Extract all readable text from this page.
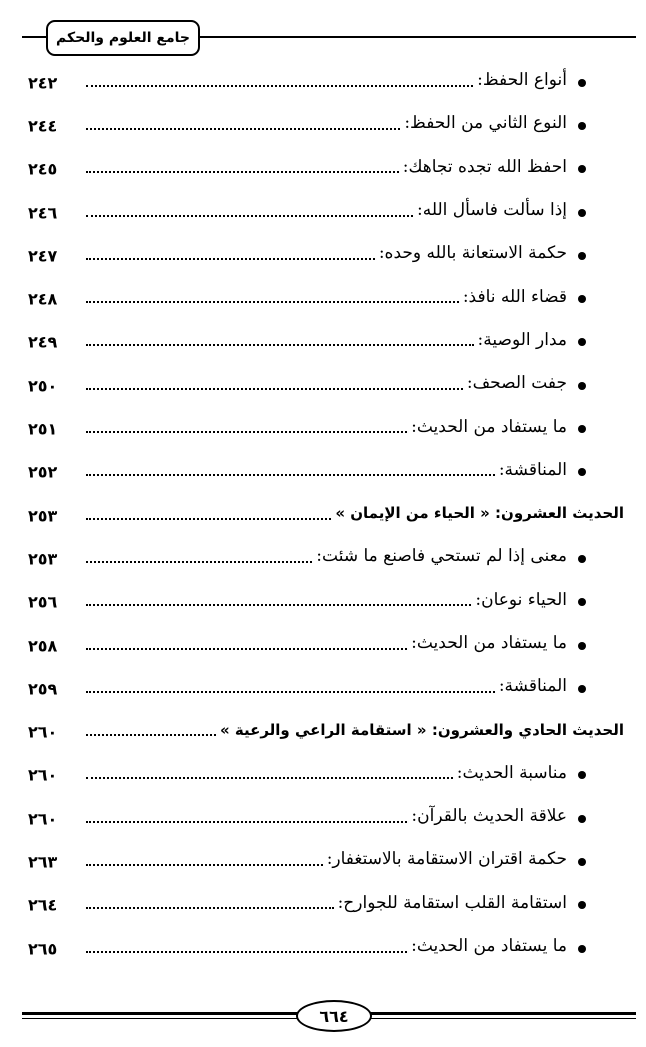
جامع العلوم والحكم
أنواع الحفظ:
٢٤٢
النوع الثاني من الحفظ:
٢٤٤
احفظ الله تجده تجاهك:
٢٤٥
إذا سألت فاسأل الله:
٢٤٦
حكمة الاستعانة بالله وحده:
٢٤٧
قضاء الله نافذ:
٢٤٨
مدار الوصية:
٢٤٩
جفت الصحف:
٢٥٠
ما يستفاد من الحديث:
٢٥١
المناقشة:
٢٥٢
الحديث العشرون: « الحياء من الإيمان »
٢٥٣
معنى إذا لم تستحي فاصنع ما شئت:
٢٥٣
الحياء نوعان:
٢٥٦
ما يستفاد من الحديث:
٢٥٨
المناقشة:
٢٥٩
الحديث الحادي والعشرون: « استقامة الراعي والرعية »
٢٦٠
مناسبة الحديث:
٢٦٠
علاقة الحديث بالقرآن:
٢٦٠
حكمة اقتران الاستقامة بالاستغفار:
٢٦٣
استقامة القلب استقامة للجوارح:
٢٦٤
ما يستفاد من الحديث:
٢٦٥
٦٦٤
